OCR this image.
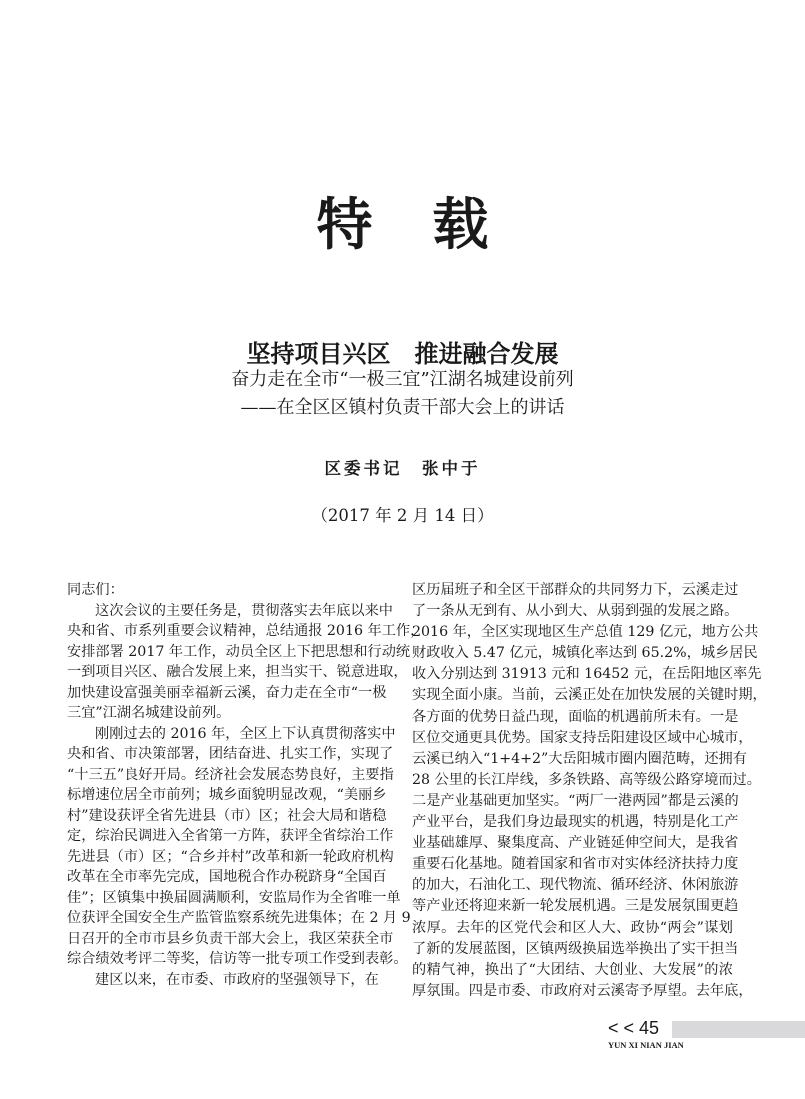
特载
坚持项目兴区　推进融合发展
奋力走在全市“一极三宜”江湖名城建设前列
——在全区区镇村负责干部大会上的讲话
区委书记　张中于
（2017 年 2 月 14 日）
同志们：
这次会议的主要任务是，贯彻落实去年底以来中
央和省、市系列重要会议精神，总结通报 2016 年工作，
安排部署 2017 年工作，动员全区上下把思想和行动统
一到项目兴区、融合发展上来，担当实干、锐意进取，
加快建设富强美丽幸福新云溪，奋力走在全市“一极
三宜”江湖名城建设前列。
刚刚过去的 2016 年，全区上下认真贯彻落实中
央和省、市决策部署，团结奋进、扎实工作，实现了
“十三五”良好开局。经济社会发展态势良好，主要指
标增速位居全市前列；城乡面貌明显改观，“美丽乡
村”建设获评全省先进县（市）区；社会大局和谐稳
定，综治民调进入全省第一方阵，获评全省综治工作
先进县（市）区；“合乡并村”改革和新一轮政府机构
改革在全市率先完成，国地税合作办税跻身“全国百
佳”；区镇集中换届圆满顺利，安监局作为全省唯一单
位获评全国安全生产监管监察系统先进集体；在 2 月 9
日召开的全市市县乡负责干部大会上，我区荣获全市
综合绩效考评二等奖，信访等一批专项工作受到表彰。
建区以来，在市委、市政府的坚强领导下，在
区历届班子和全区干部群众的共同努力下，云溪走过
了一条从无到有、从小到大、从弱到强的发展之路。
2016 年，全区实现地区生产总值 129 亿元，地方公共
财政收入 5.47 亿元，城镇化率达到 65.2%，城乡居民
收入分别达到 31913 元和 16452 元，在岳阳地区率先
实现全面小康。当前，云溪正处在加快发展的关键时期，
各方面的优势日益凸现，面临的机遇前所未有。一是
区位交通更具优势。国家支持岳阳建设区域中心城市，
云溪已纳入“1+4+2”大岳阳城市圈内圈范畴，还拥有
28 公里的长江岸线，多条铁路、高等级公路穿境而过。
二是产业基础更加坚实。“两厂一港两园”都是云溪的
产业平台，是我们身边最现实的机遇，特别是化工产
业基础雄厚、聚集度高、产业链延伸空间大，是我省
重要石化基地。随着国家和省市对实体经济扶持力度
的加大，石油化工、现代物流、循环经济、休闲旅游
等产业还将迎来新一轮发展机遇。三是发展氛围更趋
浓厚。去年的区党代会和区人大、政协“两会”谋划
了新的发展蓝图，区镇两级换届选举换出了实干担当
的精气神，换出了“大团结、大创业、大发展”的浓
厚氛围。四是市委、市政府对云溪寄予厚望。去年底，
< < 45
YUN XI NIAN JIAN
